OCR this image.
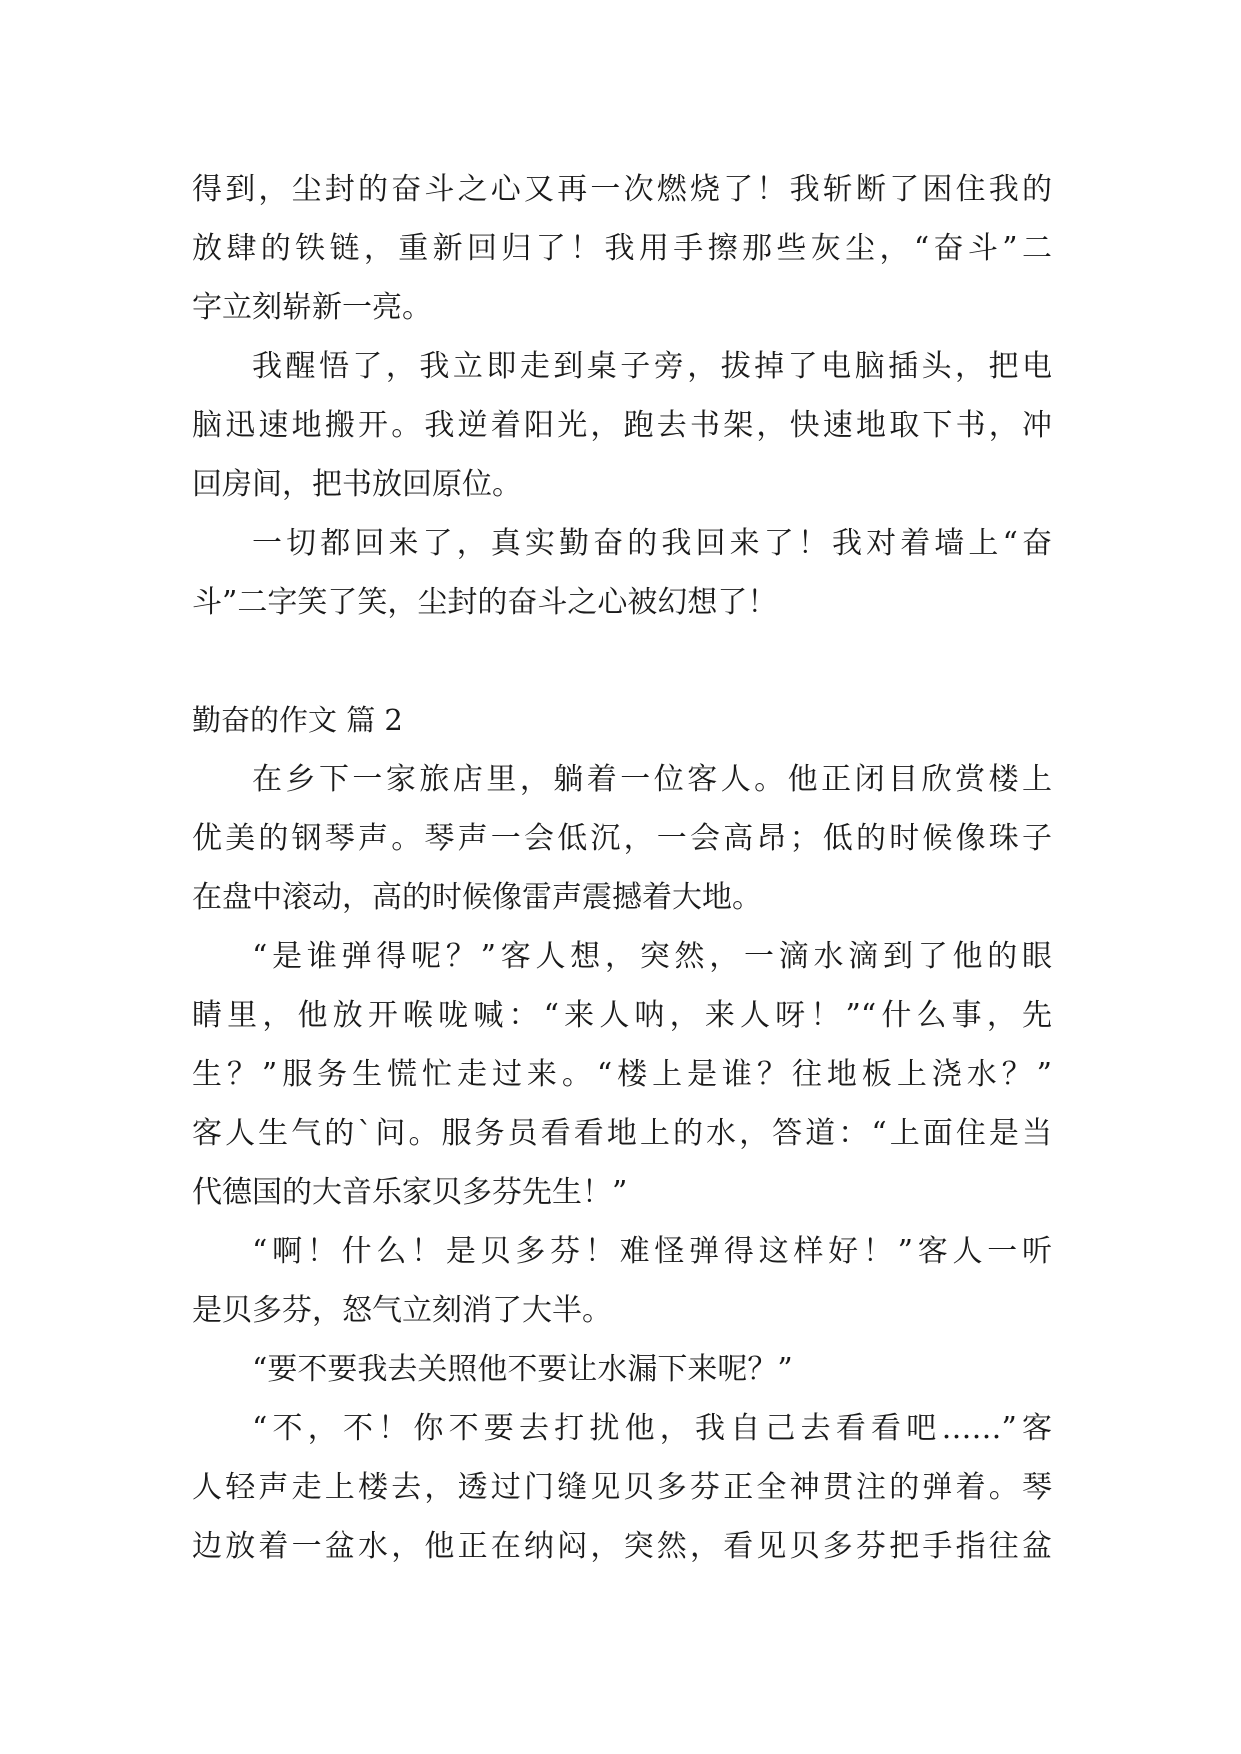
得到，尘封的奋斗之心又再一次燃烧了！我斩断了困住我的
放肆的铁链，重新回归了！我用手擦那些灰尘，“奋斗”二
字立刻崭新一亮。
我醒悟了，我立即走到桌子旁，拔掉了电脑插头，把电
脑迅速地搬开。我逆着阳光，跑去书架，快速地取下书，冲
回房间，把书放回原位。
一切都回来了，真实勤奋的我回来了！我对着墙上“奋
斗”二字笑了笑，尘封的奋斗之心被幻想了！
勤奋的作文 篇 2
在乡下一家旅店里，躺着一位客人。他正闭目欣赏楼上
优美的钢琴声。琴声一会低沉，一会高昂；低的时候像珠子
在盘中滚动，高的时候像雷声震撼着大地。
“是谁弹得呢？”客人想，突然，一滴水滴到了他的眼
睛里，他放开喉咙喊：“来人呐，来人呀！”“什么事，先
生？”服务生慌忙走过来。“楼上是谁？往地板上浇水？”
客人生气的`问。服务员看看地上的水，答道：“上面住是当
代德国的大音乐家贝多芬先生！”
“啊！什么！是贝多芬！难怪弹得这样好！”客人一听
是贝多芬，怒气立刻消了大半。
“要不要我去关照他不要让水漏下来呢？”
“不，不！你不要去打扰他，我自己去看看吧……”客
人轻声走上楼去，透过门缝见贝多芬正全神贯注的弹着。琴
边放着一盆水，他正在纳闷，突然，看见贝多芬把手指往盆
